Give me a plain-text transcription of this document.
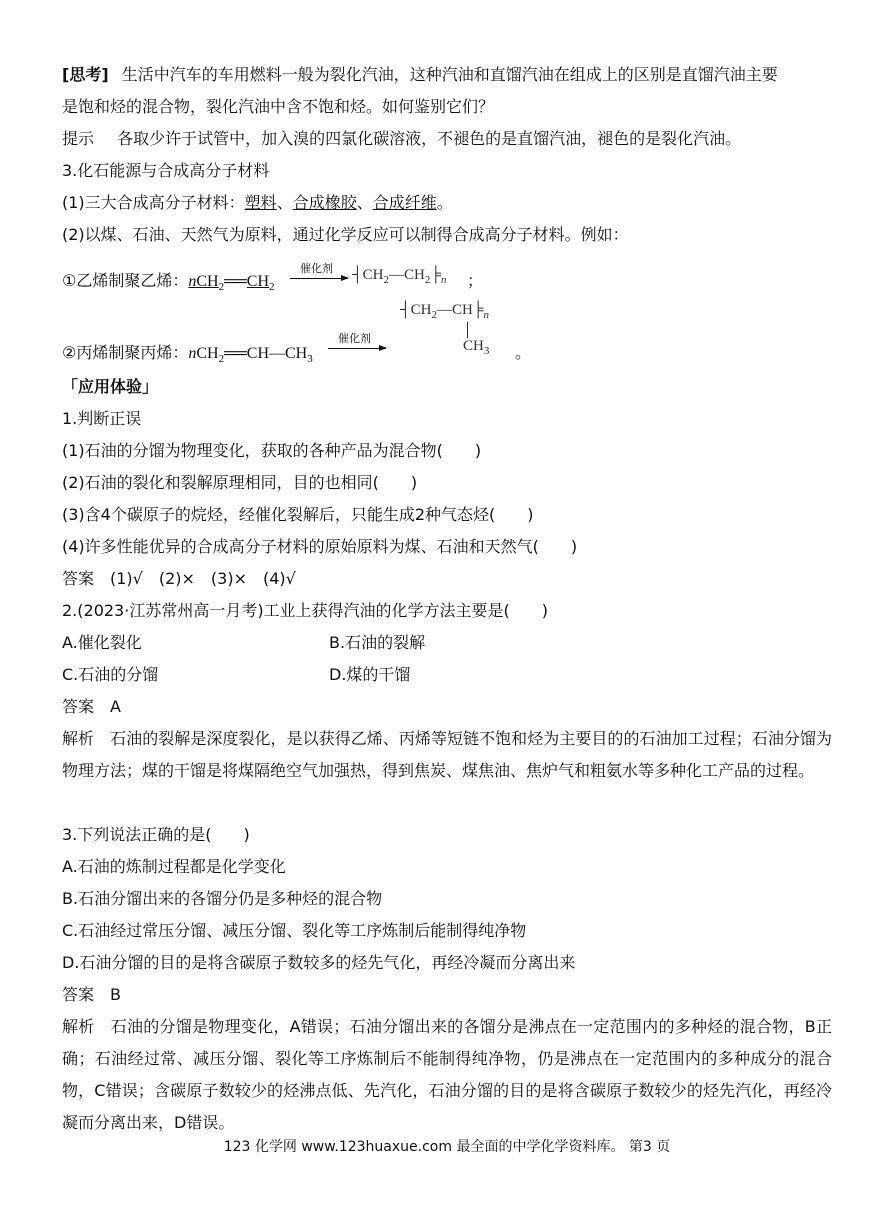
[思考] 生活中汽车的车用燃料一般为裂化汽油，这种汽油和直馏汽油在组成上的区别是直馏汽油主要
是饱和烃的混合物，裂化汽油中含不饱和烃。如何鉴别它们？
提示 各取少许于试管中，加入溴的四氯化碳溶液，不褪色的是直馏汽油，褪色的是裂化汽油。
3.化石能源与合成高分子材料
(1)三大合成高分子材料：塑料、合成橡胶、合成纤维。
(2)以煤、石油、天然气为原料，通过化学反应可以制得合成高分子材料。例如：
①乙烯制聚乙烯：$nCH_2══CH_2$
催化剂 → $┤CH_2—CH_2╞_n$ ；
$┤CH_2—CH╞_n$
$CH_3$
②丙烯制聚丙烯：$nCH_2══CH—CH_3$
催化剂
。
「应用体验」
1.判断正误
(1)石油的分馏为物理变化，获取的各种产品为混合物(　　)
(2)石油的裂化和裂解原理相同，目的也相同(　　)
(3)含4个碳原子的烷烃，经催化裂解后，只能生成2种气态烃(　　)
(4)许多性能优异的合成高分子材料的原始原料为煤、石油和天然气(　　)
答案　(1)√　(2)×　(3)×　(4)√
2.(2023·江苏常州高一月考)工业上获得汽油的化学方法主要是(　　)
A.催化裂化	B.石油的裂解
C.石油的分馏	D.煤的干馏
答案　A
解析　石油的裂解是深度裂化，是以获得乙烯、丙烯等短链不饱和烃为主要目的的石油加工过程；石油分馏为物理方法；煤的干馏是将煤隔绝空气加强热，得到焦炭、煤焦油、焦炉气和粗氨水等多种化工产品的过程。
3.下列说法正确的是(　　)
A.石油的炼制过程都是化学变化
B.石油分馏出来的各馏分仍是多种烃的混合物
C.石油经过常压分馏、减压分馏、裂化等工序炼制后能制得纯净物
D.石油分馏的目的是将含碳原子数较多的烃先气化，再经冷凝而分离出来
答案　B
解析　石油的分馏是物理变化，A错误；石油分馏出来的各馏分是沸点在一定范围内的多种烃的混合物，B正确；石油经过常、减压分馏、裂化等工序炼制后不能制得纯净物，仍是沸点在一定范围内的多种成分的混合物，C错误；含碳原子数较少的烃沸点低、先汽化，石油分馏的目的是将含碳原子数较少的烃先汽化，再经冷凝而分离出来，D错误。
123 化学网 www.123huaxue.com 最全面的中学化学资料库。 第3 页
